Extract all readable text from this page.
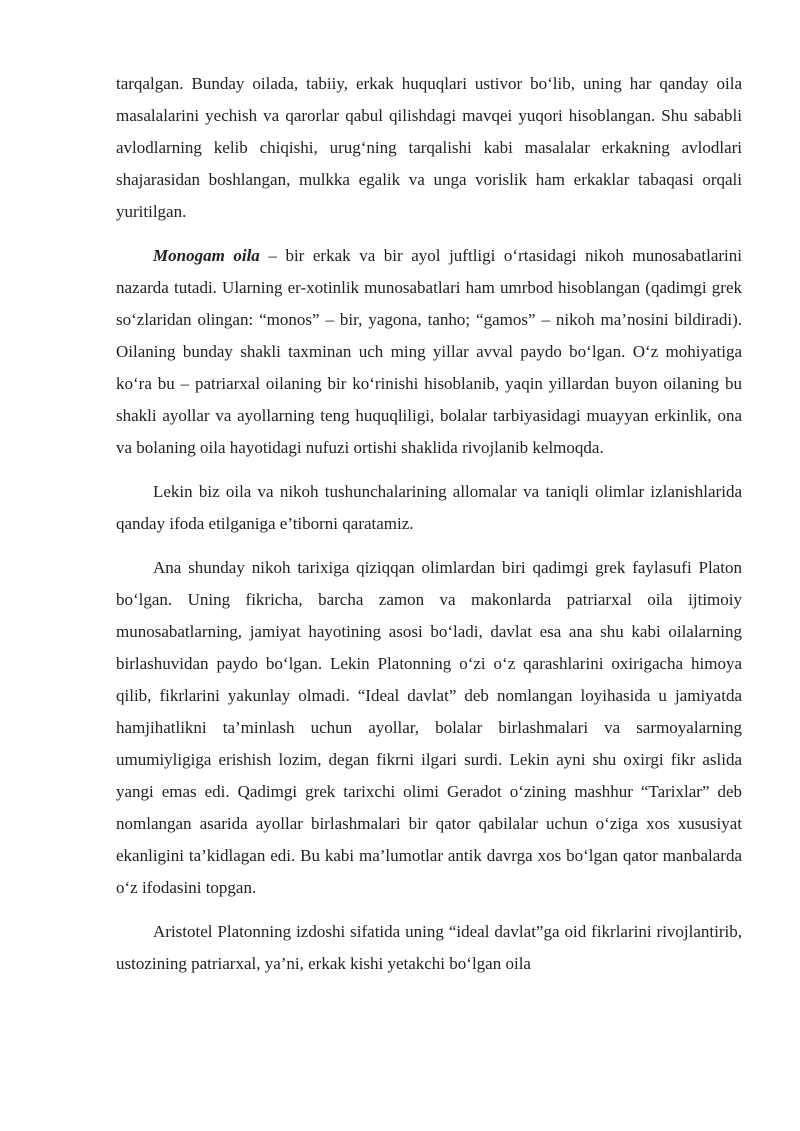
tarqalgan. Bunday oilada, tabiiy, erkak huquqlari ustivor bo‘lib, uning har qanday oila masalalarini yechish va qarorlar qabul qilishdagi mavqei yuqori hisoblangan. Shu sababli avlodlarning kelib chiqishi, urug‘ning tarqalishi kabi masalalar erkakning avlodlari shajarasidan boshlangan, mulkka egalik va unga vorislik ham erkaklar tabaqasi orqali yuritilgan.

Monogam oila – bir erkak va bir ayol juftligi o‘rtasidagi nikoh munosabatlarini nazarda tutadi. Ularning er-xotinlik munosabatlari ham umrbod hisoblangan (qadimgi grek so‘zlaridan olingan: “monos” – bir, yagona, tanho; “gamos” – nikoh ma’nosini bildiradi). Oilaning bunday shakli taxminan uch ming yillar avval paydo bo‘lgan. O‘z mohiyatiga ko‘ra bu – patriarxal oilaning bir ko‘rinishi hisoblanib, yaqin yillardan buyon oilaning bu shakli ayollar va ayollarning teng huquqliligi, bolalar tarbiyasidagi muayyan erkinlik, ona va bolaning oila hayotidagi nufuzi ortishi shaklida rivojlanib kelmoqda.

Lekin biz oila va nikoh tushunchalarining allomalar va taniqli olimlar izlanishlarida qanday ifoda etilganiga e’tiborni qaratamiz.

Ana shunday nikoh tarixiga qiziqqan olimlardan biri qadimgi grek faylasufi Platon bo‘lgan. Uning fikricha, barcha zamon va makonlarda patriarxal oila ijtimoiy munosabatlarning, jamiyat hayotining asosi bo‘ladi, davlat esa ana shu kabi oilalarning birlashuvidan paydo bo‘lgan. Lekin Platonning o‘zi o‘z qarashlarini oxirigacha himoya qilib, fikrlarini yakunlay olmadi. “Ideal davlat” deb nomlangan loyihasida u jamiyatda hamjihatlikni ta’minlash uchun ayollar, bolalar birlashmalari va sarmoyalarning umumiyligiga erishish lozim, degan fikrni ilgari surdi. Lekin ayni shu oxirgi fikr aslida yangi emas edi. Qadimgi grek tarixchi olimi Geradot o‘zining mashhur “Tarixlar” deb nomlangan asarida ayollar birlashmalari bir qator qabilalar uchun o‘ziga xos xususiyat ekanligini ta’kidlagan edi. Bu kabi ma’lumotlar antik davrga xos bo‘lgan qator manbalarda o‘z ifodasini topgan.

Aristotel Platonning izdoshi sifatida uning “ideal davlat”ga oid fikrlarini rivojlantirib, ustozining patriarxal, ya’ni, erkak kishi yetakchi bo‘lgan oila
